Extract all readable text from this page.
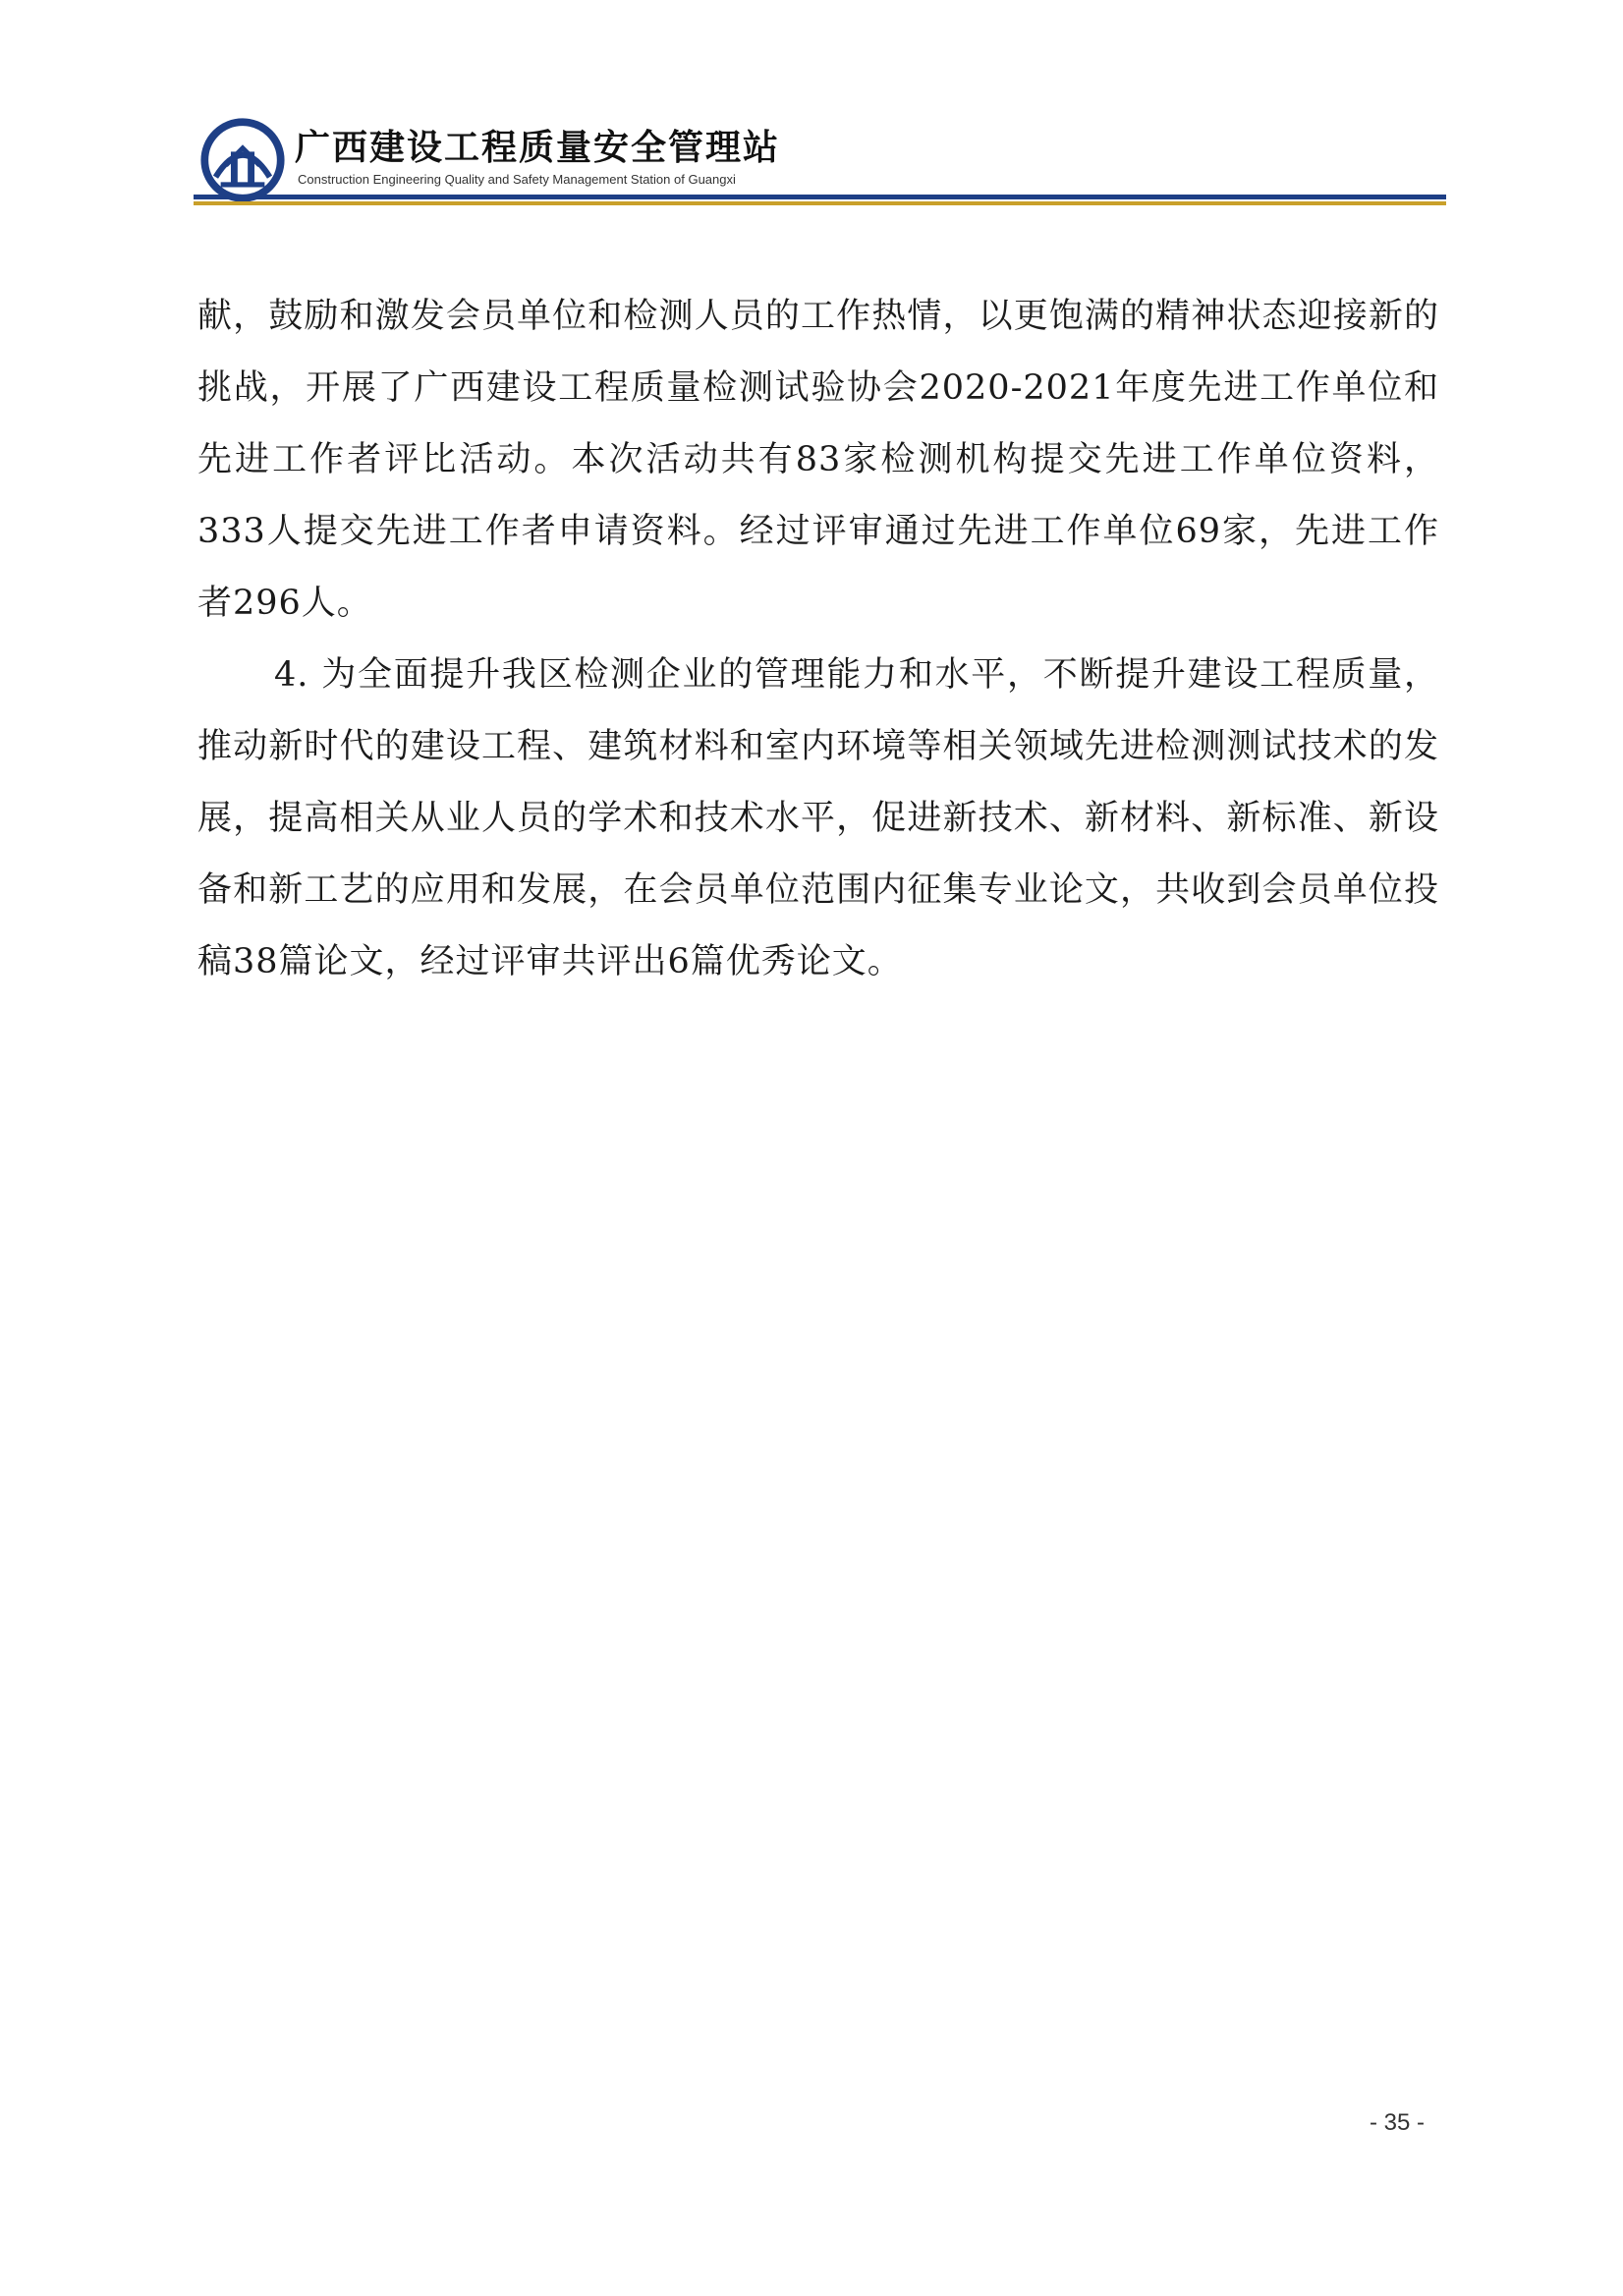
广西建设工程质量安全管理站
Construction Engineering Quality and Safety Management Station of Guangxi

献，鼓励和激发会员单位和检测人员的工作热情，以更饱满的精神状态迎接新的挑战，开展了广西建设工程质量检测试验协会2020-2021年度先进工作单位和先进工作者评比活动。本次活动共有83家检测机构提交先进工作单位资料，333人提交先进工作者申请资料。经过评审通过先进工作单位69家，先进工作者296人。

4. 为全面提升我区检测企业的管理能力和水平，不断提升建设工程质量，推动新时代的建设工程、建筑材料和室内环境等相关领域先进检测测试技术的发展，提高相关从业人员的学术和技术水平，促进新技术、新材料、新标准、新设备和新工艺的应用和发展，在会员单位范围内征集专业论文，共收到会员单位投稿38篇论文，经过评审共评出6篇优秀论文。

- 35 -
